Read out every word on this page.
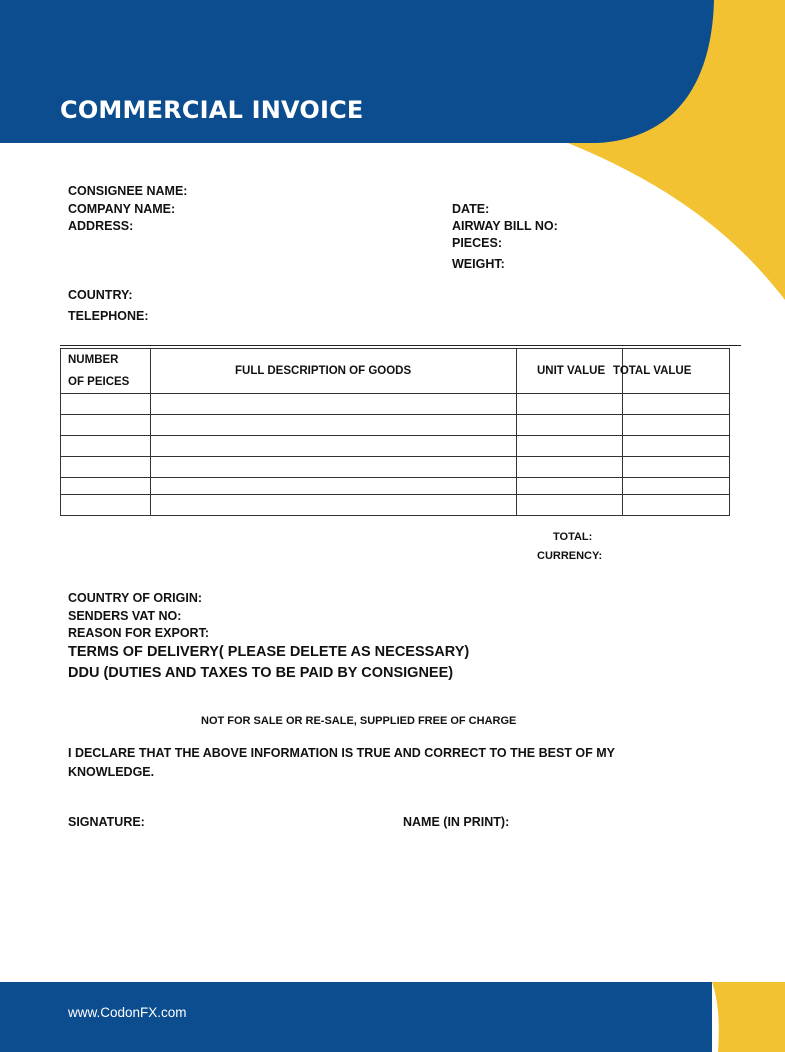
COMMERCIAL INVOICE
CONSIGNEE NAME:
COMPANY NAME:
ADDRESS:
COUNTRY:
TELEPHONE:
DATE:
AIRWAY BILL NO:
PIECES:
WEIGHT:
NUMBER
OF PEICES	FULL DESCRIPTION OF GOODS	UNIT VALUE	TOTAL VALUE

TOTAL:
CURRENCY:
COUNTRY OF ORIGIN:
SENDERS VAT NO:
REASON FOR EXPORT:
TERMS OF DELIVERY( PLEASE DELETE AS NECESSARY)
DDU (DUTIES AND TAXES TO BE PAID BY CONSIGNEE)
NOT FOR SALE OR RE-SALE, SUPPLIED FREE OF CHARGE
I DECLARE THAT THE ABOVE INFORMATION IS TRUE AND CORRECT TO THE BEST OF MY
KNOWLEDGE.
SIGNATURE:	NAME (IN PRINT):
www.CodonFX.com
